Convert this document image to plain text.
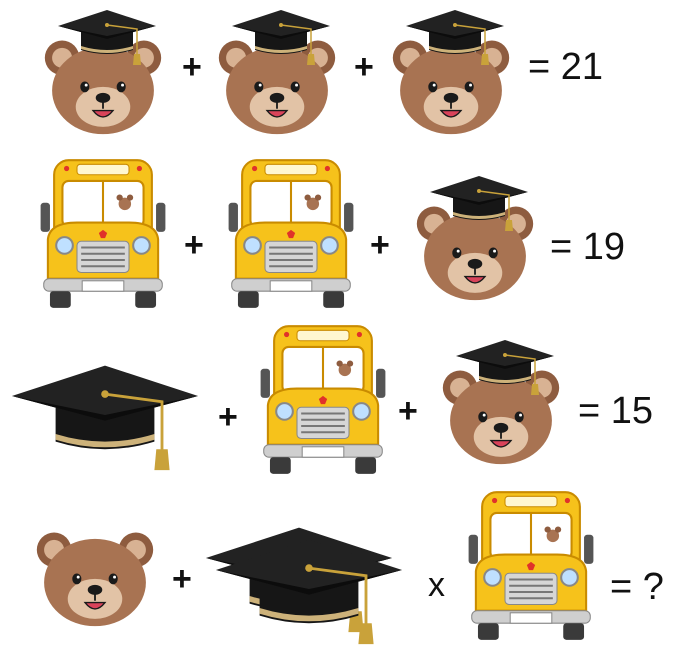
+	+	= 21
+	+	= 19
+	+	= 15
+	x	= ?
